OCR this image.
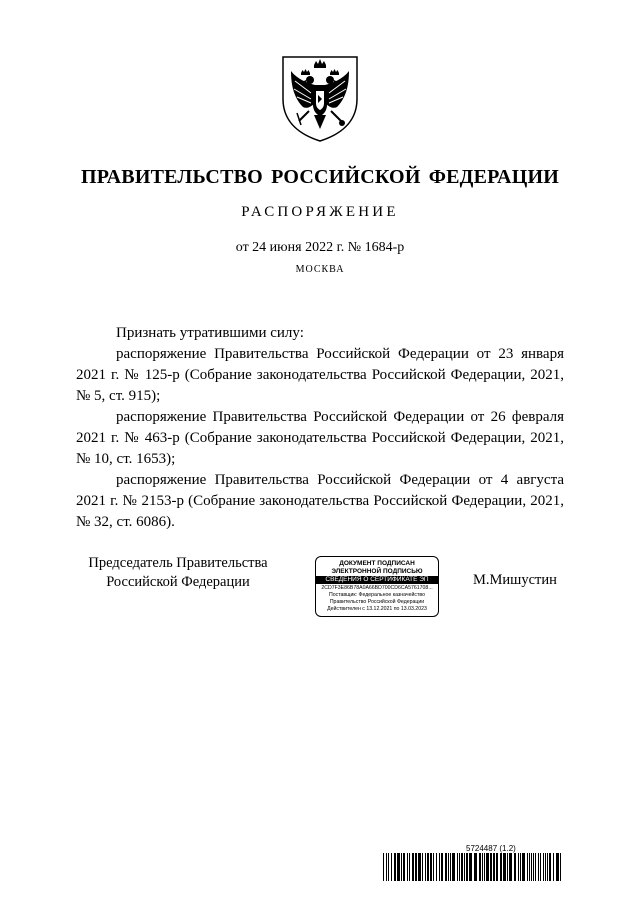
ПРАВИТЕЛЬСТВО РОССИЙСКОЙ ФЕДЕРАЦИИ
РАСПОРЯЖЕНИЕ
от 24 июня 2022 г. № 1684-р
МОСКВА

Признать утратившими силу:

распоряжение Правительства Российской Федерации от 23 января 2021 г. № 125-р (Собрание законодательства Российской Федерации, 2021, № 5, ст. 915);

распоряжение Правительства Российской Федерации от 26 февраля 2021 г. № 463-р (Собрание законодательства Российской Федерации, 2021, № 10, ст. 1653);

распоряжение Правительства Российской Федерации от 4 августа 2021 г. № 2153-р (Собрание законодательства Российской Федерации, 2021, № 32, ст. 6086).

Председатель Правительства
Российской Федерации
ДОКУМЕНТ ПОДПИСАН
ЭЛЕКТРОННОЙ ПОДПИСЬЮ
СВЕДЕНИЯ О СЕРТИФИКАТЕ ЭП
2CD7F3E86B78A0A66BD700CD6CA5761708...
Поставщик: Федеральное казначейство
Правительство Российской Федерации
Действителен с 13.12.2021 по 13.03.2023
М.Мишустин
5724487 (1.2)
